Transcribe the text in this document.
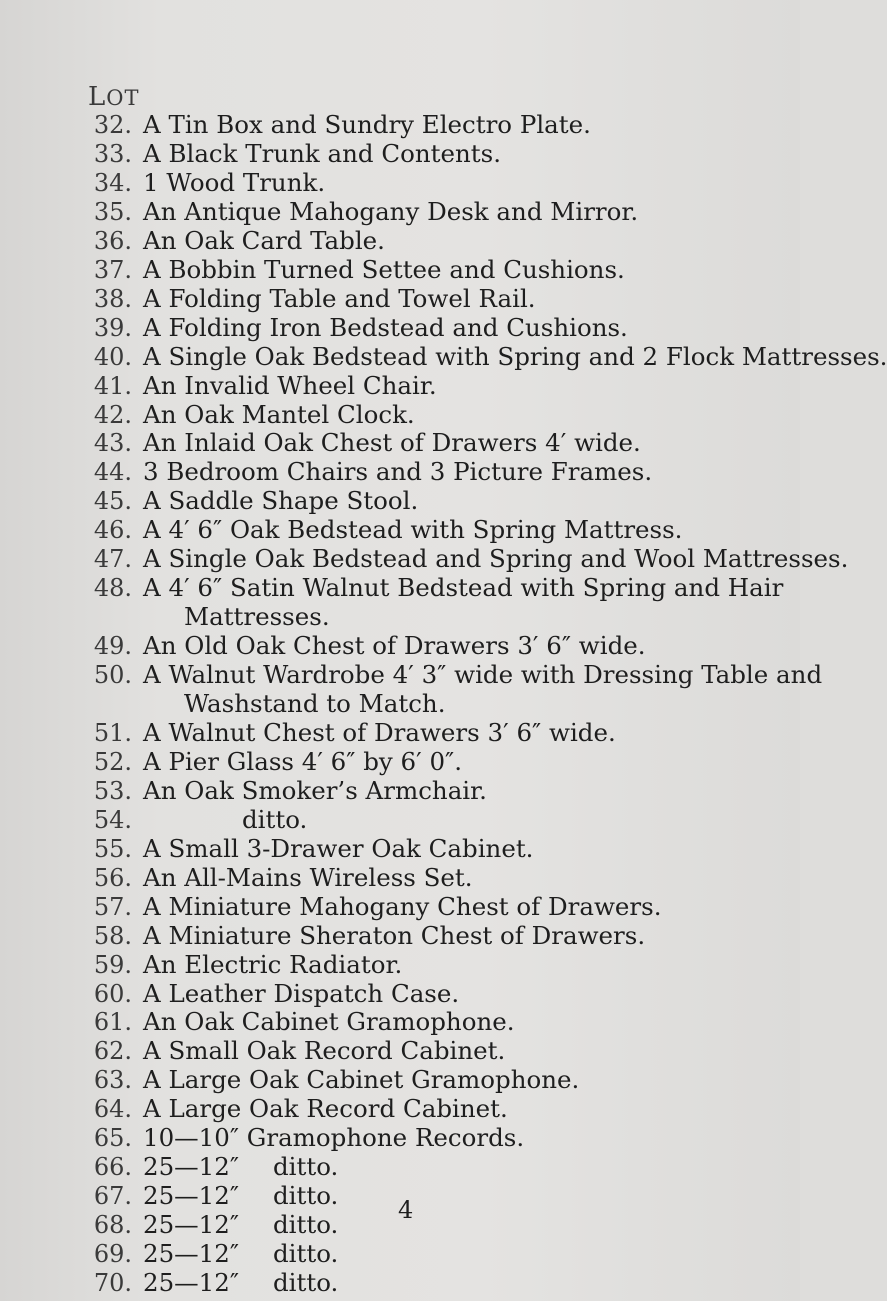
LOT
32. A Tin Box and Sundry Electro Plate.
33. A Black Trunk and Contents.
34. 1 Wood Trunk.
35. An Antique Mahogany Desk and Mirror.
36. An Oak Card Table.
37. A Bobbin Turned Settee and Cushions.
38. A Folding Table and Towel Rail.
39. A Folding Iron Bedstead and Cushions.
40. A Single Oak Bedstead with Spring and 2 Flock Mattresses.
41. An Invalid Wheel Chair.
42. An Oak Mantel Clock.
43. An Inlaid Oak Chest of Drawers 4′ wide.
44. 3 Bedroom Chairs and 3 Picture Frames.
45. A Saddle Shape Stool.
46. A 4′ 6″ Oak Bedstead with Spring Mattress.
47. A Single Oak Bedstead and Spring and Wool Mattresses.
48. A 4′ 6″ Satin Walnut Bedstead with Spring and Hair
Mattresses.
49. An Old Oak Chest of Drawers 3′ 6″ wide.
50. A Walnut Wardrobe 4′ 3″ wide with Dressing Table and
Washstand to Match.
51. A Walnut Chest of Drawers 3′ 6″ wide.
52. A Pier Glass 4′ 6″ by 6′ 0″.
53. An Oak Smoker’s Armchair.
54.	ditto.
55. A Small 3-Drawer Oak Cabinet.
56. An All-Mains Wireless Set.
57. A Miniature Mahogany Chest of Drawers.
58. A Miniature Sheraton Chest of Drawers.
59. An Electric Radiator.
60. A Leather Dispatch Case.
61. An Oak Cabinet Gramophone.
62. A Small Oak Record Cabinet.
63. A Large Oak Cabinet Gramophone.
64. A Large Oak Record Cabinet.
65. 10—10″ Gramophone Records.
66. 25—12″ ditto.
67. 25—12″ ditto.
68. 25—12″ ditto.
69. 25—12″ ditto.
70. 25—12″ ditto.
4
